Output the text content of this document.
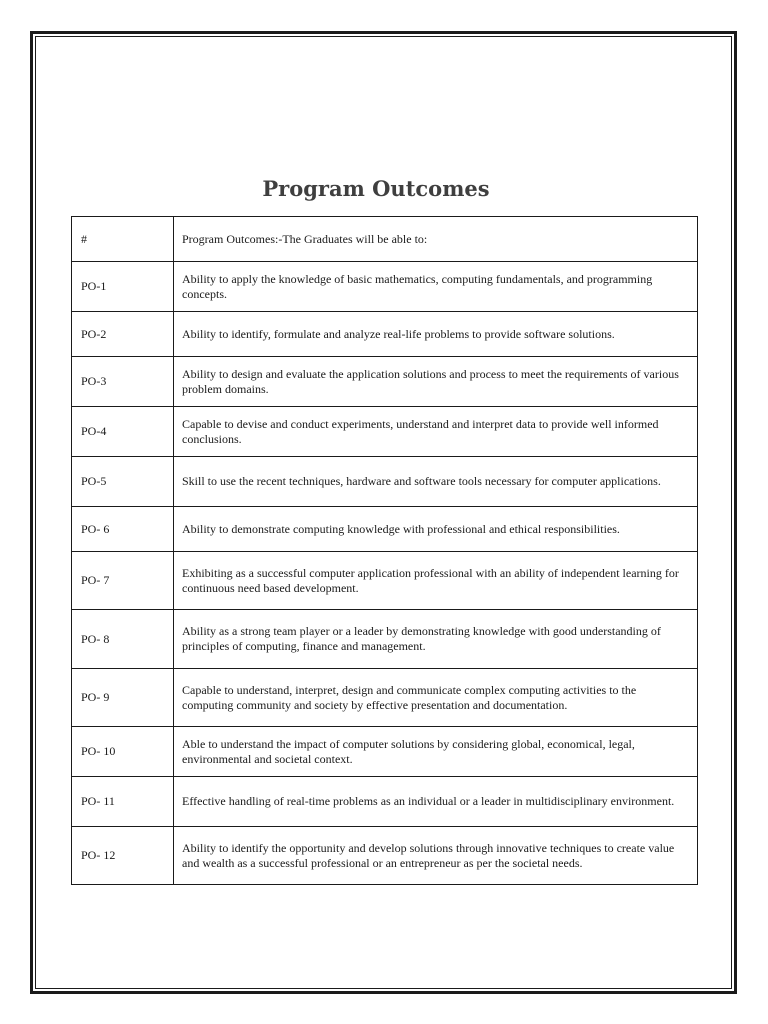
Program Outcomes
#	Program Outcomes:-The Graduates will be able to:
PO-1	Ability to apply the knowledge of basic mathematics, computing fundamentals, and programming concepts.
PO-2	Ability to identify, formulate and analyze real-life problems to provide software solutions.
PO-3	Ability to design and evaluate the application solutions and process to meet the requirements of various problem domains.
PO-4	Capable to devise and conduct experiments, understand and interpret data to provide well informed conclusions.
PO-5	Skill to use the recent techniques, hardware and software tools necessary for computer applications.
PO- 6	Ability to demonstrate computing knowledge with professional and ethical responsibilities.
PO- 7	Exhibiting as a successful computer application professional with an ability of independent learning for continuous need based development.
PO- 8	Ability as a strong team player or a leader by demonstrating knowledge with good understanding of principles of computing, finance and management.
PO- 9	Capable to understand, interpret, design and communicate complex computing activities to the computing community and society by effective presentation and documentation.
PO- 10	Able to understand the impact of computer solutions by considering global, economical, legal, environmental and societal context.
PO- 11	Effective handling of real-time problems as an individual or a leader in multidisciplinary environment.
PO- 12	Ability to identify the opportunity and develop solutions through innovative techniques to create value and wealth as a successful professional or an entrepreneur as per the societal needs.
